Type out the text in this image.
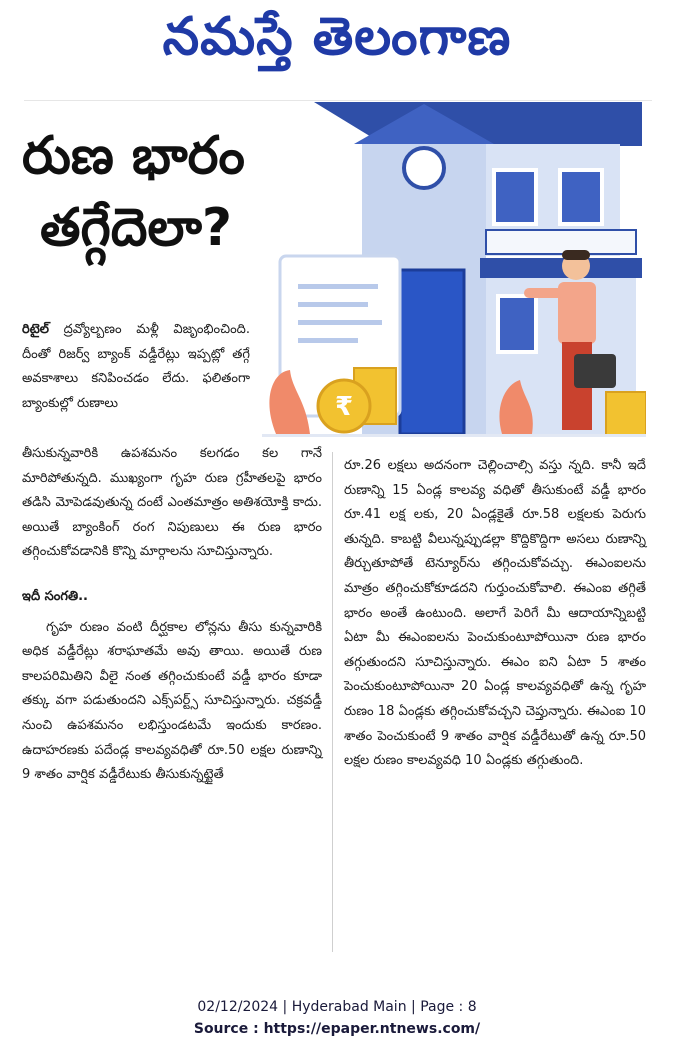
నమస్తే తెలంగాణ
రుణ భారం
తగ్గేదెలా?
₹

రిటైల్ ద్రవ్యోల్బణం మళ్లీ విజృంభించింది. దీంతో రిజర్వ్ బ్యాంక్ వడ్డీరేట్లు ఇప్పట్లో తగ్గే అవకాశాలు కనిపించడం లేదు. ఫలితంగా బ్యాంకుల్లో రుణాలు

తీసుకున్నవారికి ఉపశమనం కలగడం కల గానే మారిపోతున్నది. ముఖ్యంగా గృహ రుణ గ్రహీతలపై భారం తడిసి మోపెడవుతున్న దంటే ఎంతమాత్రం అతిశయోక్తి కాదు. అయితే బ్యాంకింగ్ రంగ నిపుణులు ఈ రుణ భారం తగ్గించుకోవడానికి కొన్ని మార్గాలను సూచిస్తున్నారు.

ఇదీ సంగతి..

గృహ రుణం వంటి దీర్ఘకాల లోన్లను తీసు కున్నవారికి అధిక వడ్డీరేట్లు శరాఘాతమే అవు తాయి. అయితే రుణ కాలపరిమితిని వీలై నంత తగ్గించుకుంటే వడ్డీ భారం కూడా తక్కు వగా పడుతుందని ఎక్స్‌పర్ట్స్ సూచిస్తున్నారు. చక్రవడ్డీ నుంచి ఉపశమనం లభిస్తుండటమే ఇందుకు కారణం. ఉదాహరణకు పదేండ్ల కాలవ్యవధితో రూ.50 లక్షల రుణాన్ని 9 శాతం వార్షిక వడ్డీరేటుకు తీసుకున్నట్టైతే

రూ.26 లక్షలు అదనంగా చెల్లించాల్సి వస్తు న్నది. కానీ ఇదే రుణాన్ని 15 ఏండ్ల కాలవ్య వధితో తీసుకుంటే వడ్డీ భారం రూ.41 లక్ష లకు, 20 ఏండ్లకైతే రూ.58 లక్షలకు పెరుగు తున్నది. కాబట్టి వీలున్నప్పుడల్లా కొద్దికొద్దిగా అసలు రుణాన్ని తీర్చుతూపోతే టెన్యూర్‌ను తగ్గించుకోవచ్చు. ఈఎంఐలను మాత్రం తగ్గించుకోకూడదని గుర్తుంచుకోవాలి. ఈఎంఐ తగ్గితే భారం అంతే ఉంటుంది. అలాగే పెరిగే మీ ఆదాయాన్నిబట్టి ఏటా మీ ఈఎంఐలను పెంచుకుంటూపోయినా రుణ భారం తగ్గుతుందని సూచిస్తున్నారు. ఈఎం ఐని ఏటా 5 శాతం పెంచుకుంటూపోయినా 20 ఏండ్ల కాలవ్యవధితో ఉన్న గృహ రుణం 18 ఏండ్లకు తగ్గించుకోవచ్చని చెప్తున్నారు. ఈఎంఐ 10 శాతం పెంచుకుంటే 9 శాతం వార్షిక వడ్డీరేటుతో ఉన్న రూ.50 లక్షల రుణం కాలవ్యవధి 10 ఏండ్లకు తగ్గుతుంది.

02/12/2024 | Hyderabad Main | Page : 8
Source : https://epaper.ntnews.com/
